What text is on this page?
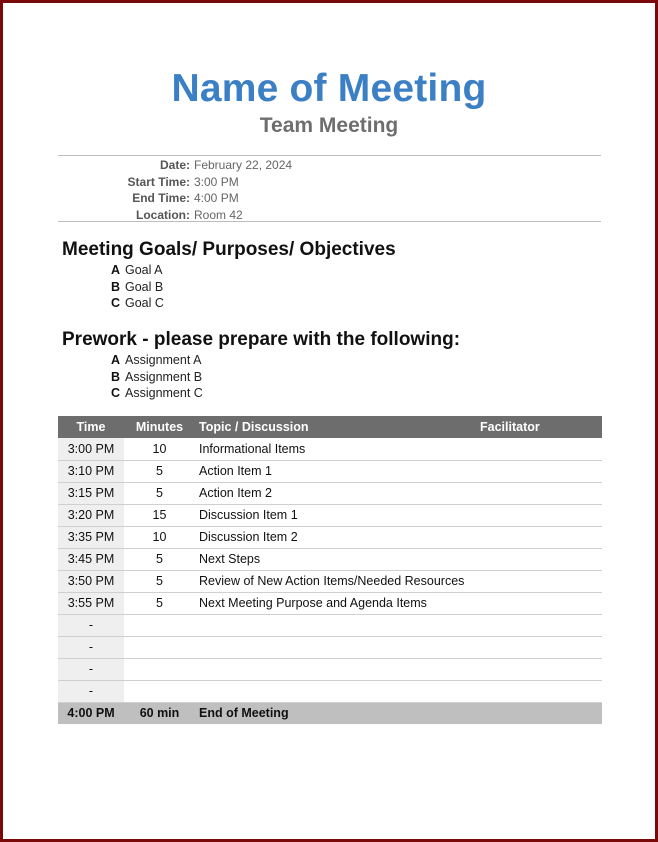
Name of Meeting
Team Meeting
Date: February 22, 2024
Start Time: 3:00 PM
End Time: 4:00 PM
Location: Room 42
Meeting Goals/ Purposes/ Objectives
A Goal A
B Goal B
C Goal C
Prework - please prepare with the following:
A Assignment A
B Assignment B
C Assignment C
Time	Minutes	Topic / Discussion	Facilitator
3:00 PM	10	Informational Items	
3:10 PM	5	Action Item 1	
3:15 PM	5	Action Item 2	
3:20 PM	15	Discussion Item 1	
3:35 PM	10	Discussion Item 2	
3:45 PM	5	Next Steps	
3:50 PM	5	Review of New Action Items/Needed Resources	
3:55 PM	5	Next Meeting Purpose and Agenda Items	
-			
-			
-			
-			
4:00 PM	60 min	End of Meeting	
